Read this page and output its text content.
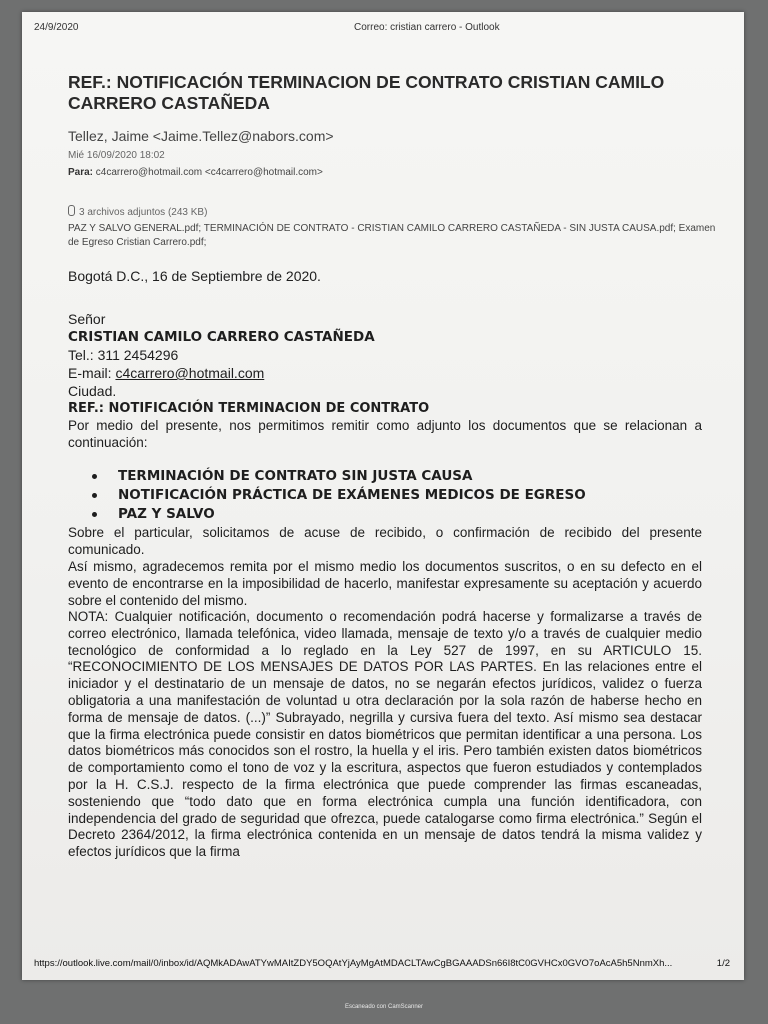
24/9/2020	Correo: cristian carrero - Outlook
REF.: NOTIFICACIÓN TERMINACION DE CONTRATO CRISTIAN CAMILO CARRERO CASTAÑEDA
Tellez, Jaime <Jaime.Tellez@nabors.com>
Mié 16/09/2020 18:02
Para: c4carrero@hotmail.com <c4carrero@hotmail.com>
3 archivos adjuntos (243 KB)
PAZ Y SALVO GENERAL.pdf; TERMINACIÓN DE CONTRATO - CRISTIAN CAMILO CARRERO CASTAÑEDA - SIN JUSTA CAUSA.pdf; Examen de Egreso Cristian Carrero.pdf;

Bogotá D.C., 16 de Septiembre de 2020.

Señor
CRISTIAN CAMILO CARRERO CASTAÑEDA
Tel.: 311 2454296
E-mail: c4carrero@hotmail.com
Ciudad.

REF.: NOTIFICACIÓN TERMINACION DE CONTRATO

Por medio del presente, nos permitimos remitir como adjunto los documentos que se relacionan a continuación:

TERMINACIÓN DE CONTRATO SIN JUSTA CAUSA
NOTIFICACIÓN PRÁCTICA DE EXÁMENES MEDICOS DE EGRESO
PAZ Y SALVO

Sobre el particular, solicitamos de acuse de recibido, o confirmación de recibido del presente comunicado.

Así mismo, agradecemos remita por el mismo medio los documentos suscritos, o en su defecto en el evento de encontrarse en la imposibilidad de hacerlo, manifestar expresamente su aceptación y acuerdo sobre el contenido del mismo.

NOTA: Cualquier notificación, documento o recomendación podrá hacerse y formalizarse a través de correo electrónico, llamada telefónica, video llamada, mensaje de texto y/o a través de cualquier medio tecnológico de conformidad a lo reglado en la Ley 527 de 1997, en su ARTICULO 15. “RECONOCIMIENTO DE LOS MENSAJES DE DATOS POR LAS PARTES. En las relaciones entre el iniciador y el destinatario de un mensaje de datos, no se negarán efectos jurídicos, validez o fuerza obligatoria a una manifestación de voluntad u otra declaración por la sola razón de haberse hecho en forma de mensaje de datos. (...)” Subrayado, negrilla y cursiva fuera del texto. Así mismo sea destacar que la firma electrónica puede consistir en datos biométricos que permitan identificar a una persona. Los datos biométricos más conocidos son el rostro, la huella y el iris. Pero también existen datos biométricos de comportamiento como el tono de voz y la escritura, aspectos que fueron estudiados y contemplados por la H. C.S.J. respecto de la firma electrónica que puede comprender las firmas escaneadas, sosteniendo que “todo dato que en forma electrónica cumpla una función identificadora, con independencia del grado de seguridad que ofrezca, puede catalogarse como firma electrónica.” Según el Decreto 2364/2012, la firma electrónica contenida en un mensaje de datos tendrá la misma validez y efectos jurídicos que la firma

https://outlook.live.com/mail/0/inbox/id/AQMkADAwATYwMAItZDY5OQAtYjAyMgAtMDACLTAwCgBGAAADSn66I8tC0GVHCx0GVO7oAcA5h5NnmXh...	1/2
Escaneado con CamScanner
